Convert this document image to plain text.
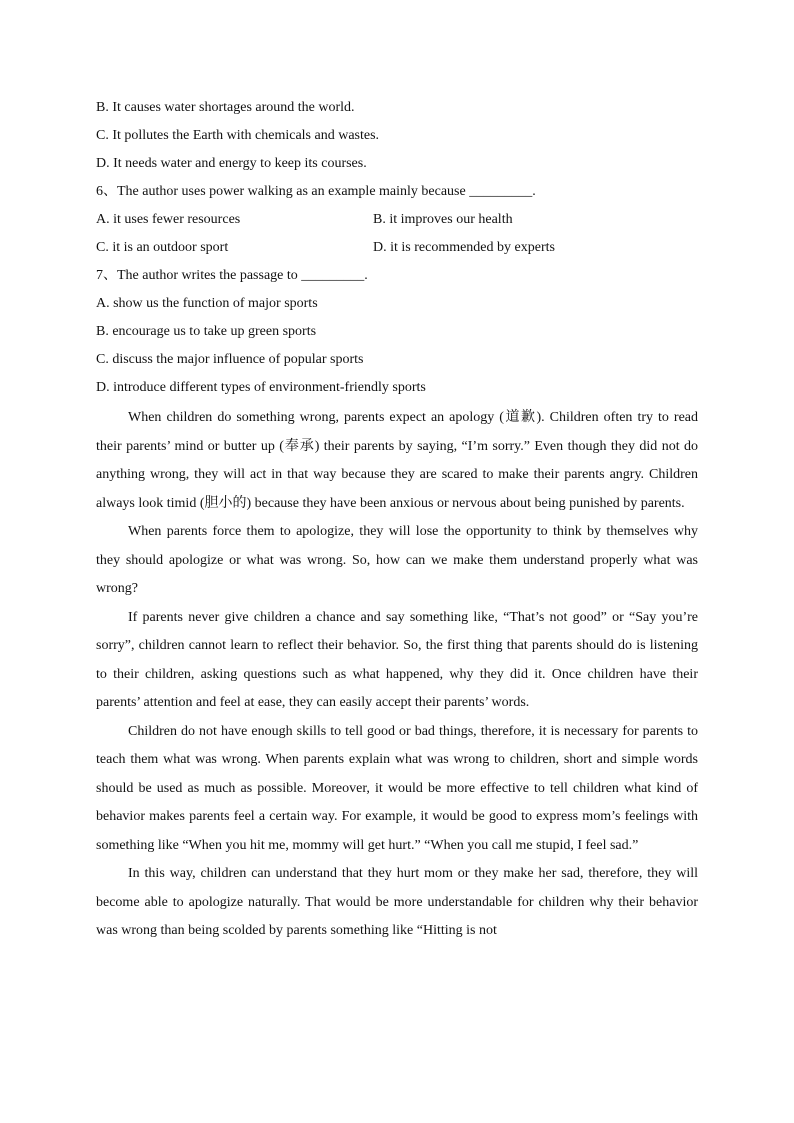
B. It causes water shortages around the world.
C. It pollutes the Earth with chemicals and wastes.
D. It needs water and energy to keep its courses.
6、The author uses power walking as an example mainly because _________.
A. it uses fewer resources	B. it improves our health
C. it is an outdoor sport	D. it is recommended by experts
7、The author writes the passage to _________.
A. show us the function of major sports
B. encourage us to take up green sports
C. discuss the major influence of popular sports
D. introduce different types of environment-friendly sports

When children do something wrong, parents expect an apology (道歉). Children often try to read their parents’ mind or butter up (奉承) their parents by saying, “I’m sorry.” Even though they did not do anything wrong, they will act in that way because they are scared to make their parents angry. Children always look timid (胆小的) because they have been anxious or nervous about being punished by parents.

When parents force them to apologize, they will lose the opportunity to think by themselves why they should apologize or what was wrong. So, how can we make them understand properly what was wrong?

If parents never give children a chance and say something like, “That’s not good” or “Say you’re sorry”, children cannot learn to reflect their behavior. So, the first thing that parents should do is listening to their children, asking questions such as what happened, why they did it. Once children have their parents’ attention and feel at ease, they can easily accept their parents’ words.

Children do not have enough skills to tell good or bad things, therefore, it is necessary for parents to teach them what was wrong. When parents explain what was wrong to children, short and simple words should be used as much as possible. Moreover, it would be more effective to tell children what kind of behavior makes parents feel a certain way. For example, it would be good to express mom’s feelings with something like “When you hit me, mommy will get hurt.” “When you call me stupid, I feel sad.”

In this way, children can understand that they hurt mom or they make her sad, therefore, they will become able to apologize naturally. That would be more understandable for children why their behavior was wrong than being scolded by parents something like “Hitting is not
